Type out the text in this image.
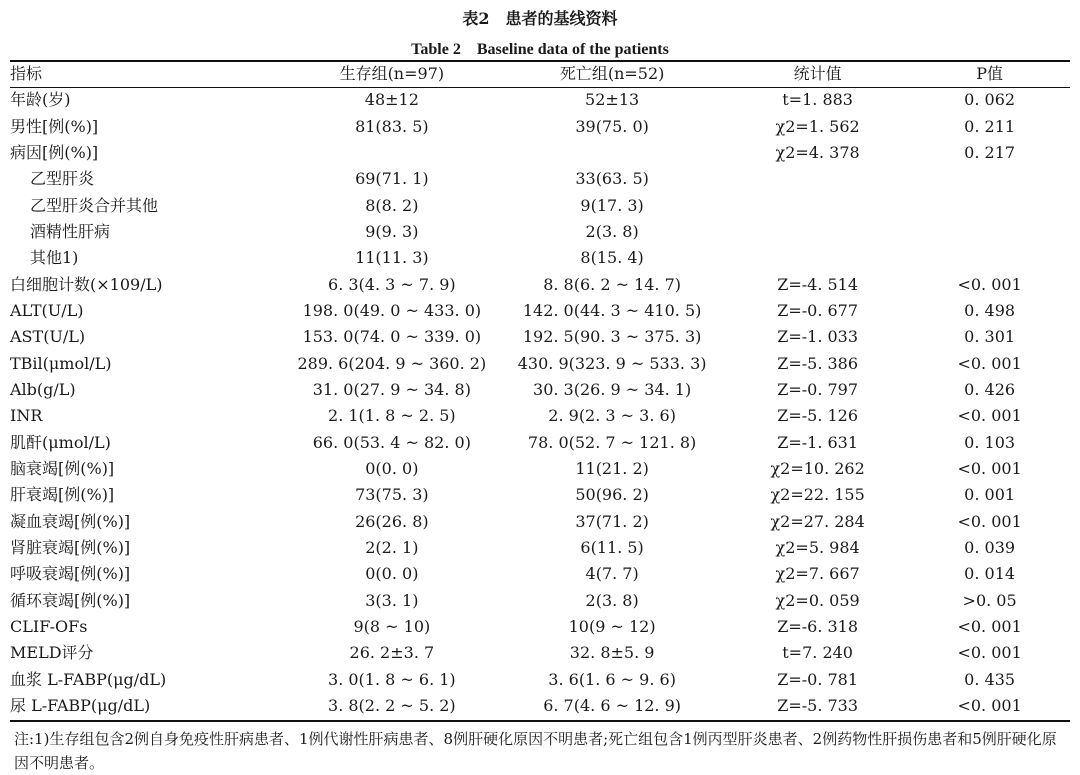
表2　患者的基线资料
Table 2　Baseline data of the patients
指标	生存组(n=97)	死亡组(n=52)	统计值	P值
年龄(岁)	48±12	52±13	t=1. 883	0. 062
男性[例(%)]	81(83. 5)	39(75. 0)	χ2=1. 562	0. 211
病因[例(%)]			χ2=4. 378	0. 217
乙型肝炎	69(71. 1)	33(63. 5)		
乙型肝炎合并其他	8(8. 2)	9(17. 3)		
酒精性肝病	9(9. 3)	2(3. 8)		
其他1)	11(11. 3)	8(15. 4)		
白细胞计数(×109/L)	6. 3(4. 3 ~ 7. 9)	8. 8(6. 2 ~ 14. 7)	Z=-4. 514	<0. 001
ALT(U/L)	198. 0(49. 0 ~ 433. 0)	142. 0(44. 3 ~ 410. 5)	Z=-0. 677	0. 498
AST(U/L)	153. 0(74. 0 ~ 339. 0)	192. 5(90. 3 ~ 375. 3)	Z=-1. 033	0. 301
TBil(μmol/L)	289. 6(204. 9 ~ 360. 2)	430. 9(323. 9 ~ 533. 3)	Z=-5. 386	<0. 001
Alb(g/L)	31. 0(27. 9 ~ 34. 8)	30. 3(26. 9 ~ 34. 1)	Z=-0. 797	0. 426
INR	2. 1(1. 8 ~ 2. 5)	2. 9(2. 3 ~ 3. 6)	Z=-5. 126	<0. 001
肌酐(μmol/L)	66. 0(53. 4 ~ 82. 0)	78. 0(52. 7 ~ 121. 8)	Z=-1. 631	0. 103
脑衰竭[例(%)]	0(0. 0)	11(21. 2)	χ2=10. 262	<0. 001
肝衰竭[例(%)]	73(75. 3)	50(96. 2)	χ2=22. 155	0. 001
凝血衰竭[例(%)]	26(26. 8)	37(71. 2)	χ2=27. 284	<0. 001
肾脏衰竭[例(%)]	2(2. 1)	6(11. 5)	χ2=5. 984	0. 039
呼吸衰竭[例(%)]	0(0. 0)	4(7. 7)	χ2=7. 667	0. 014
循环衰竭[例(%)]	3(3. 1)	2(3. 8)	χ2=0. 059	>0. 05
CLIF-OFs	9(8 ~ 10)	10(9 ~ 12)	Z=-6. 318	<0. 001
MELD评分	26. 2±3. 7	32. 8±5. 9	t=7. 240	<0. 001
血浆 L-FABP(μg/dL)	3. 0(1. 8 ~ 6. 1)	3. 6(1. 6 ~ 9. 6)	Z=-0. 781	0. 435
尿 L-FABP(μg/dL)	3. 8(2. 2 ~ 5. 2)	6. 7(4. 6 ~ 12. 9)	Z=-5. 733	<0. 001
注:1)生存组包含2例自身免疫性肝病患者、1例代谢性肝病患者、8例肝硬化原因不明患者;死亡组包含1例丙型肝炎患者、2例药物性肝损伤患者和5例肝硬化原因不明患者。
